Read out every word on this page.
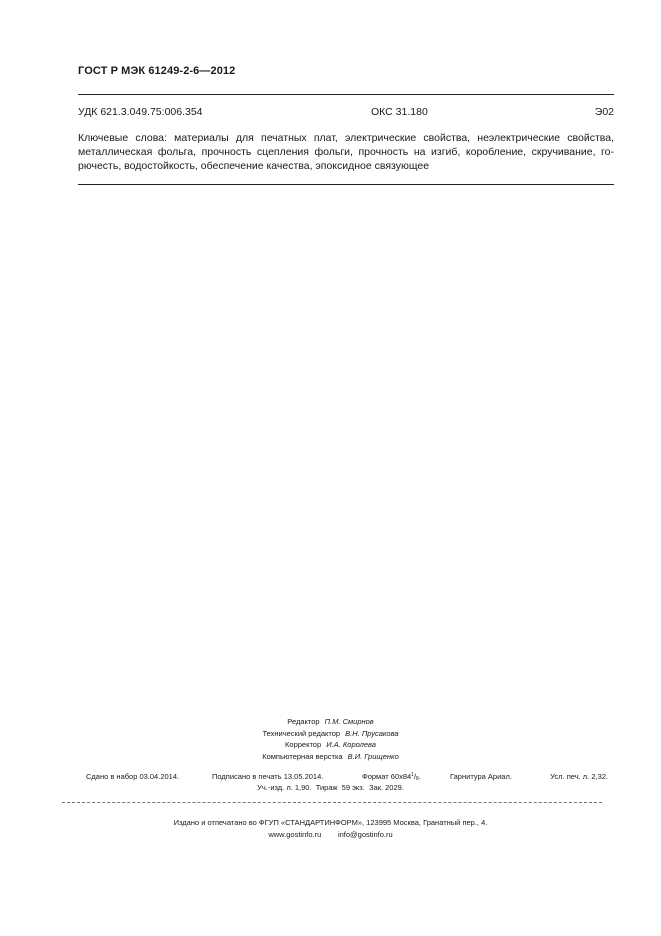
ГОСТ Р МЭК 61249-2-6—2012
УДК 621.3.049.75:006.354	ОКС 31.180	Э02
Ключевые слова: материалы для печатных плат, электрические свойства, неэлектрические свойства,
металлическая фольга, прочность сцепления фольги, прочность на изгиб, коробление, скручивание, го-
рючесть, водостойкость, обеспечение качества, эпоксидное связующее
Редактор П.М. Смирнов
Технический редактор В.Н. Прусакова
Корректор И.А. Королева
Компьютерная верстка В.И. Грищенко
Сдано в набор 03.04.2014.	Подписано в печать 13.05.2014.	Формат $60х84^1/_8$.	Гарнитура Ариал.	Усл. печ. л. 2,32.
Уч.-изд. л. 1,90.  Тираж  59 экз.  Зак. 2029.
Издано и отпечатано во ФГУП «СТАНДАРТИНФОРМ», 123995 Москва, Гранатный пер., 4.
www.gostinfo.ru info@gostinfo.ru
